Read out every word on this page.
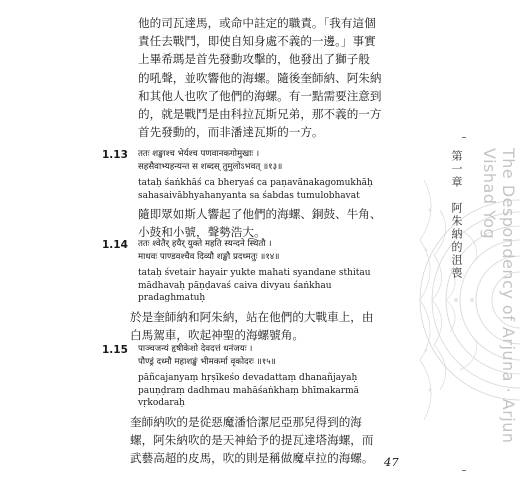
他的司瓦達馬，或命中註定的職責。「我有這個

責任去戰鬥，即使自知身處不義的一邊。」事實

上畢希瑪是首先發動攻擊的，他發出了獅子般

的吼聲，並吹響他的海螺。隨後奎師納、阿朱納

和其他人也吹了他們的海螺。有一點需要注意到

的，就是戰鬥是由科拉瓦斯兄弟，那不義的一方

首先發動的，而非潘達瓦斯的一方。

1.13 ततः शङ्खाश्च भेर्यश्च पणवानकगोमुखाः ।
सहसैवाभ्यहन्यन्त स शब्दस् तुमुलोऽभवत् ॥१३॥
tataḥ śaṅkhāś ca bheryaś ca paṇavānakagomukhāḥ
sahasaivābhyahanyanta sa śabdas tumulobhavat
隨即眾如斯人響起了他們的海螺、銅鼓、牛角、
小鼓和小號，聲勢浩大。
1.14 ततः श्वेतैर् हयैर् युक्ते महति स्यन्दने स्थितौ ।
माधवः पाण्डवश्चैव दिव्यौ शङ्खौ प्रदध्मतुः ॥१४॥
tataḥ śvetair hayair yukte mahati syandane sthitau
mādhavaḥ pāṇḍavaś caiva divyau śaṅkhau
pradaghmatuḥ
於是奎師納和阿朱納，站在他們的大戰車上，由
白馬駕車，吹起神聖的海螺號角。
1.15 पाञ्चजन्यं हृषीकेशो देवदत्तं धनंजयः ।
पौण्ड्रं दध्मौ महाशङ्खं भीमकर्मा वृकोदरः ॥१५॥
pāñcajanyaṃ hṛṣīkeśo devadattaṃ dhanañjayaḥ
pauṇḍraṃ dadhmau mahāśaṅkhaṃ bhīmakarmā
vṛkodaraḥ
奎師納吹的是從惡魔潘恰潔尼亞那兒得到的海
螺，阿朱納吹的是天神給予的提瓦達塔海螺，而
武藝高超的皮馬，吹的則是稱做魔卓拉的海螺。
第一章　阿朱納的沮喪	The Despondency of Arjuna · Arjun Vishad Yog
47
